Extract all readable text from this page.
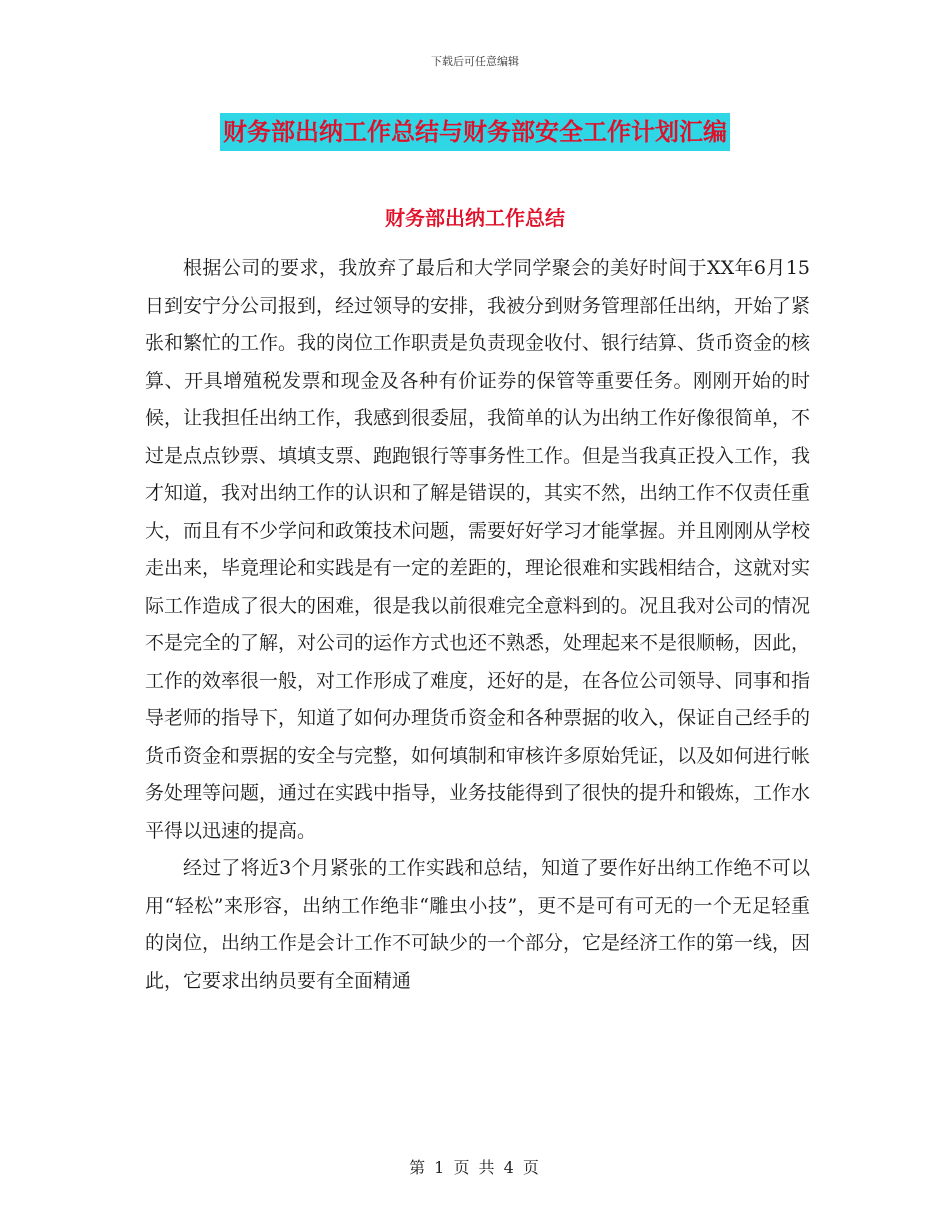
下载后可任意编辑
财务部出纳工作总结与财务部安全工作计划汇编
财务部出纳工作总结

根据公司的要求，我放弃了最后和大学同学聚会的美好时间于XX年6月15日到安宁分公司报到，经过领导的安排，我被分到财务管理部任出纳，开始了紧张和繁忙的工作。我的岗位工作职责是负责现金收付、银行结算、货币资金的核算、开具增殖税发票和现金及各种有价证券的保管等重要任务。刚刚开始的时候，让我担任出纳工作，我感到很委屈，我简单的认为出纳工作好像很简单，不过是点点钞票、填填支票、跑跑银行等事务性工作。但是当我真正投入工作，我才知道，我对出纳工作的认识和了解是错误的，其实不然，出纳工作不仅责任重大，而且有不少学问和政策技术问题，需要好好学习才能掌握。并且刚刚从学校走出来，毕竟理论和实践是有一定的差距的，理论很难和实践相结合，这就对实际工作造成了很大的困难，很是我以前很难完全意料到的。况且我对公司的情况不是完全的了解，对公司的运作方式也还不熟悉，处理起来不是很顺畅，因此，工作的效率很一般，对工作形成了难度，还好的是，在各位公司领导、同事和指导老师的指导下，知道了如何办理货币资金和各种票据的收入，保证自己经手的货币资金和票据的安全与完整，如何填制和审核许多原始凭证，以及如何进行帐务处理等问题，通过在实践中指导，业务技能得到了很快的提升和锻炼，工作水平得以迅速的提高。

经过了将近3个月紧张的工作实践和总结，知道了要作好出纳工作绝不可以用“轻松”来形容，出纳工作绝非“雕虫小技”，更不是可有可无的一个无足轻重的岗位，出纳工作是会计工作不可缺少的一个部分，它是经济工作的第一线，因此，它要求出纳员要有全面精通

第 1 页 共 4 页
